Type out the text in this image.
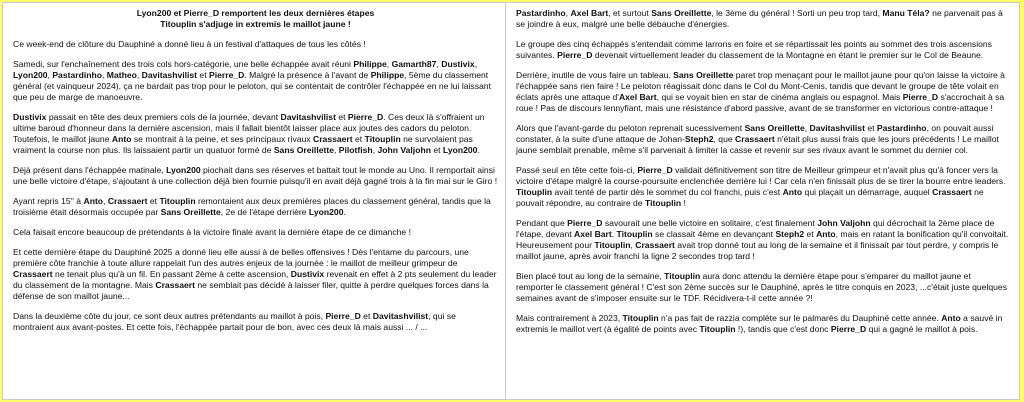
Lyon200 et Pierre_D remportent les deux dernières étapes
Titouplin s'adjuge in extremis le maillot jaune !

Ce week-end de clôture du Dauphiné a donné lieu à un festival d'attaques de tous les côtés !

Samedi, sur l'enchaînement des trois cols hors-catégorie, une belle échappée avait réuni Philippe, Gamarth87, Dustivix, Lyon200, Pastardinho, Matheo, Davitashvilist et Pierre_D. Malgré la présence à l'avant de Philippe, 5ème du classement général (et vainqueur 2024), ça ne bardait pas trop pour le peloton, qui se contentait de contrôler l'échappée en ne lui laissant que peu de marge de manoeuvre.

Dustivix passait en tête des deux premiers cols de la journée, devant Davitashvilist et Pierre_D. Ces deux là s'offraient un ultime baroud d'honneur dans la dernière ascension, mais il fallait bientôt laisser place aux joutes des cadors du peloton. Toutefois, le maillot jaune Anto se montrait à la peine, et ses principaux rivaux Crassaert et Titouplin ne survolaient pas vraiment la course non plus. Ils laissaient partir un quatuor formé de Sans Oreillette, Pilotfish, John Valjohn et Lyon200.

Déjà présent dans l'échappée matinale, Lyon200 piochait dans ses réserves et battait tout le monde au Uno. Il remportait ainsi une belle victoire d'étape, s'ajoutant à une collection déjà bien fournie puisqu'il en avait déjà gagné trois à la fin mai sur le Giro !

Ayant repris 15'' à Anto, Crassaert et Titouplin remontaient aux deux premières places du classement général, tandis que la troisième était désormais occupée par Sans Oreillette, 2e de l'étape derrière Lyon200.

Cela faisait encore beaucoup de prétendants à la victoire finale avant la dernière étape de ce dimanche !

Et cette dernière étape du Dauphiné 2025 a donné lieu elle aussi à de belles offensives ! Dès l'entame du parcours, une première côte franchie à toute allure rappelait l'un des autres enjeux de la journée : le maillot de meilleur grimpeur de Crassaert ne tenait plus qu'à un fil. En passant 2ème à cette ascension, Dustivix revenait en effet à 2 pts seulement du leader du classement de la montagne. Mais Crassaert ne semblait pas décidé à laisser filer, quitte à perdre quelques forces dans la défense de son maillot jaune...

Dans la deuxième côte du jour, ce sont deux autres prétendants au maillot à pois, Pierre_D et Davitashvilist, qui se montraient aux avant-postes. Et cette fois, l'échappée partait pour de bon, avec ces deux là mais aussi ... / ...

Pastardinho, Axel Bart, et surtout Sans Oreillette, le 3ème du général ! Sorti un peu trop tard, Manu Téla? ne parvenait pas à se joindre à eux, malgré une belle débauche d'énergies.

Le groupe des cinq échappés s'entendait comme larrons en foire et se répartissait les points au sommet des trois ascensions suivantes. Pierre_D devenait virtuellement leader du classement de la Montagne en étant le premier sur le Col de Beaune.

Derrière, inutile de vous faire un tableau. Sans Oreillette paret trop menaçant pour le maillot jaune pour qu'on laisse la victoire à l'échappée sans rien faire ! Le peloton réagissait donc dans le Col du Mont-Cenis, tandis que devant le groupe de tête volait en éclats après une attaque d'Axel Bart, qui se voyait bien en star de cinéma anglais ou espagnol. Mais Pierre_D s'accrochait à sa roue ! Pas de discours lennyfiant, mais une résistance d'abord passive, avant de se transformer en victorious contre-attaque !

Alors que l'avant-garde du peloton reprenait sucessivement Sans Oreillette, Davitashvilist et Pastardinho, on pouvait aussi constater, à la suite d'une attaque de Johan-Steph2, que Crassaert n'était plus aussi frais que les jours précédents ! Le maillot jaune semblait prenable, même s'il parvenait à limiter la casse et revenir sur ses rivaux avant le sommet du dernier col.

Passé seul en tête cette fois-ci, Pierre_D validait définitivement son titre de Meilleur grimpeur et n'avait plus qu'à foncer vers la victoire d'étape malgré la course-poursuite enclenchée derrière lui ! Car cela n'en finissait plus de se tirer la bourre entre leaders. Titouplin avait tenté de partir dès le sommet du col franchi, puis c'est Anto qui plaçait un démarrage, auquel Crassaert ne pouvait répondre, au contraire de Titouplin !

Pendant que Pierre_D savourait une belle victoire en solitaire, c'est finalement John Valjohn qui décrochait la 2ème place de l'étape, devant Axel Bart. Titouplin se classait 4ème en devançant Steph2 et Anto, mais en ratant la bonification qu'il convoitait. Heureusement pour Titouplin, Crassaert avait trop donné tout au long de la semaine et il finissait par tout perdre, y compris le maillot jaune, après avoir franchi la ligne 2 secondes trop tard !

Bien placé tout au long de la semaine, Titouplin aura donc attendu la dernière étape pour s'emparer du maillot jaune et remporter le classement général ! C'est son 2ème succès sur le Dauphiné, après le titre conquis en 2023, ...c'était juste quelques semaines avant de s'imposer ensuite sur le TDF. Récidivera-t-il cette année ?!

Mais contrairement à 2023, Titouplin n'a pas fait de razzia complète sur le palmarès du Dauphiné cette année. Anto a sauvé in extremis le maillot vert (à égalité de points avec Titouplin !), tandis que c'est donc Pierre_D qui a gagné le maillot à pois.
